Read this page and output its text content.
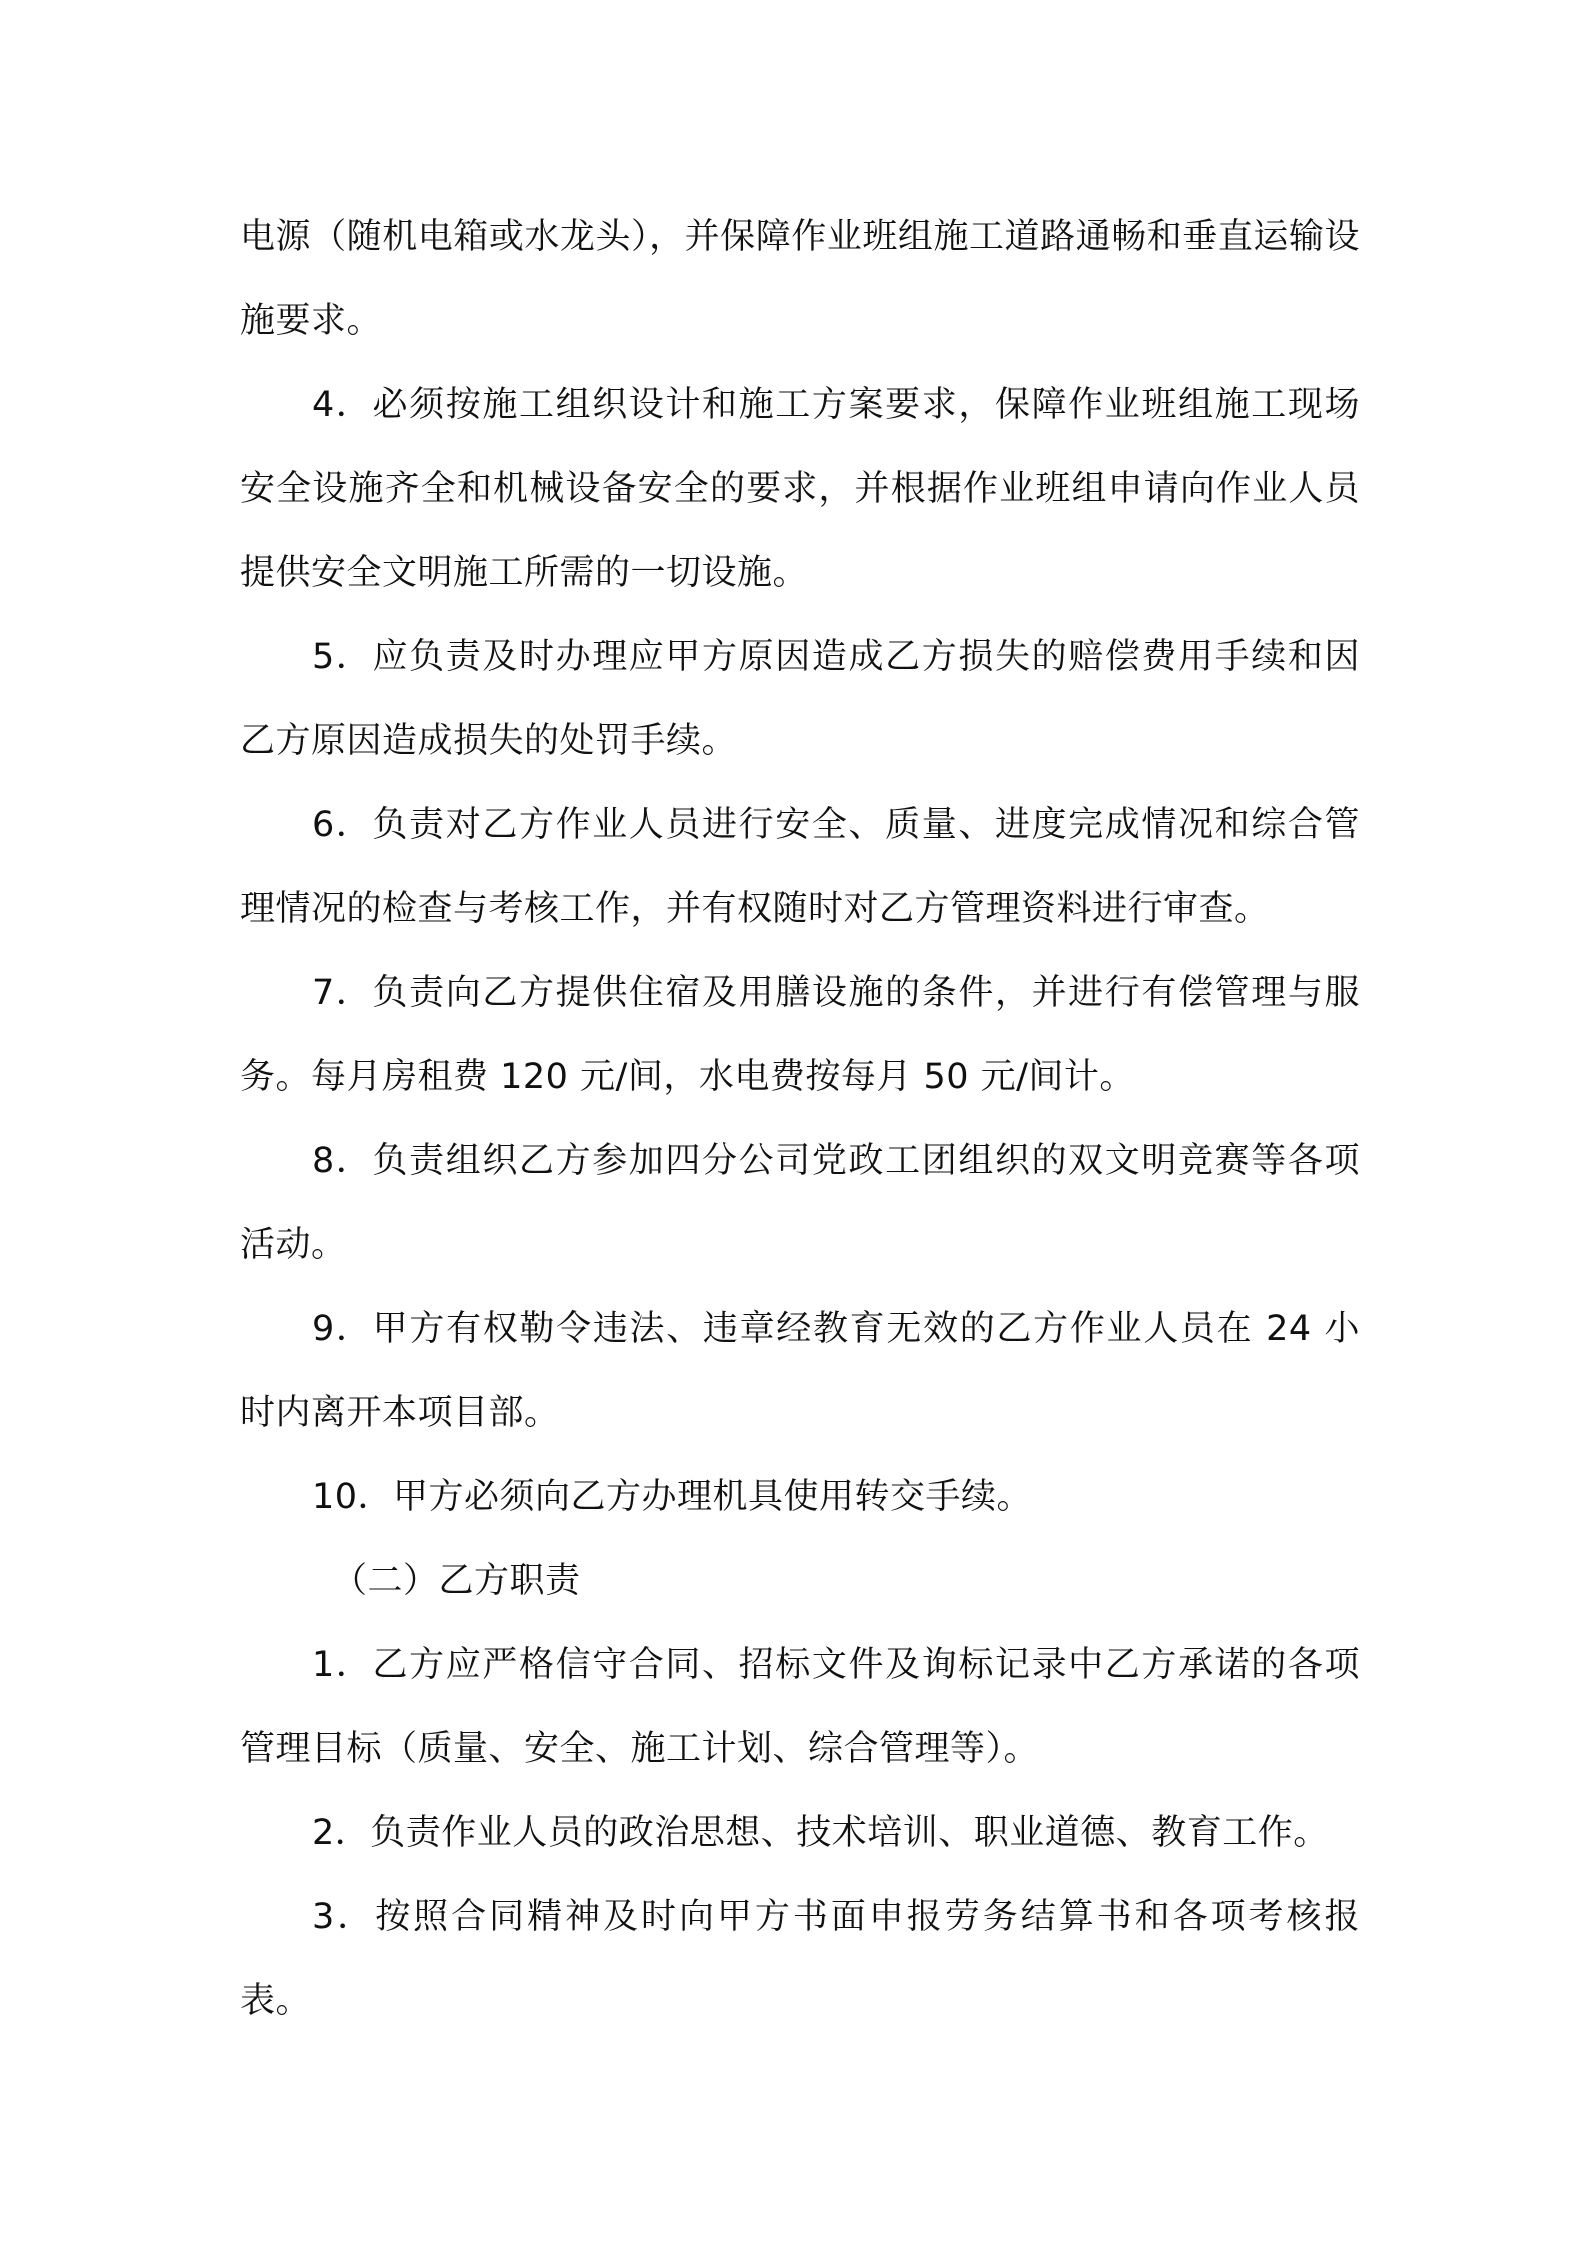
电源（随机电箱或水龙头），并保障作业班组施工道路通畅和垂直运输设施要求。

4．必须按施工组织设计和施工方案要求，保障作业班组施工现场安全设施齐全和机械设备安全的要求，并根据作业班组申请向作业人员提供安全文明施工所需的一切设施。

5．应负责及时办理应甲方原因造成乙方损失的赔偿费用手续和因乙方原因造成损失的处罚手续。

6．负责对乙方作业人员进行安全、质量、进度完成情况和综合管理情况的检查与考核工作，并有权随时对乙方管理资料进行审查。

7．负责向乙方提供住宿及用膳设施的条件，并进行有偿管理与服务。每月房租费 120 元/间，水电费按每月 50 元/间计。

8．负责组织乙方参加四分公司党政工团组织的双文明竞赛等各项活动。

9．甲方有权勒令违法、违章经教育无效的乙方作业人员在 24 小时内离开本项目部。

10．甲方必须向乙方办理机具使用转交手续。

（二）乙方职责

1．乙方应严格信守合同、招标文件及询标记录中乙方承诺的各项管理目标（质量、安全、施工计划、综合管理等）。

2．负责作业人员的政治思想、技术培训、职业道德、教育工作。

3．按照合同精神及时向甲方书面申报劳务结算书和各项考核报表。
